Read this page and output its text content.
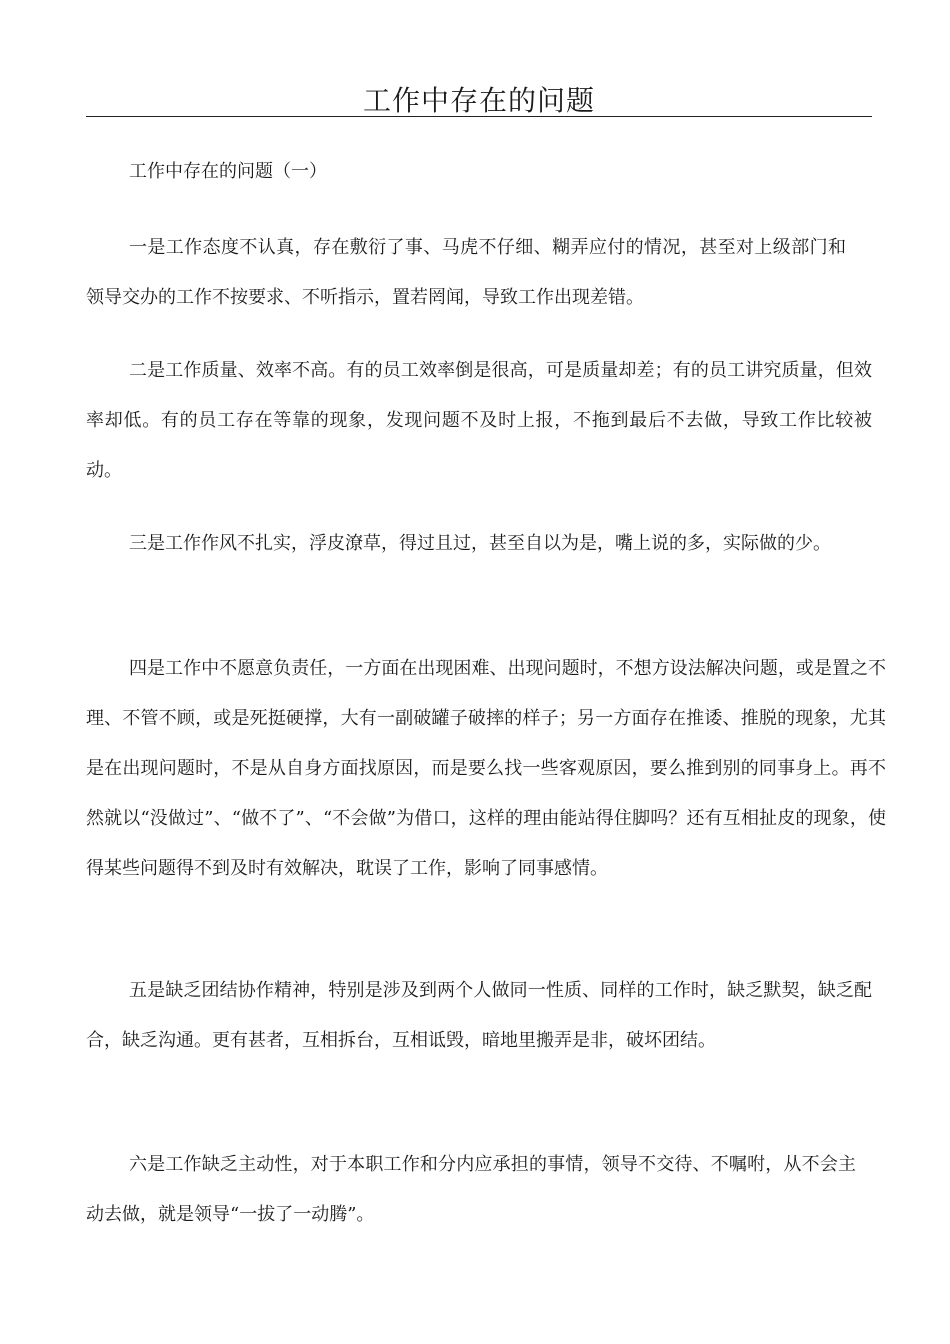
工作中存在的问题
工作中存在的问题（一）

一是工作态度不认真，存在敷衍了事、马虎不仔细、糊弄应付的情况，甚至对上级部门和领导交办的工作不按要求、不听指示，置若罔闻，导致工作出现差错。

二是工作质量、效率不高。有的员工效率倒是很高，可是质量却差；有的员工讲究质量，但效率却低。有的员工存在等靠的现象，发现问题不及时上报，不拖到最后不去做，导致工作比较被动。

三是工作作风不扎实，浮皮潦草，得过且过，甚至自以为是，嘴上说的多，实际做的少。

四是工作中不愿意负责任，一方面在出现困难、出现问题时，不想方设法解决问题，或是置之不理、不管不顾，或是死挺硬撑，大有一副破罐子破摔的样子；另一方面存在推诿、推脱的现象，尤其是在出现问题时，不是从自身方面找原因，而是要么找一些客观原因，要么推到别的同事身上。再不然就以“没做过”、“做不了”、“不会做”为借口，这样的理由能站得住脚吗？还有互相扯皮的现象，使得某些问题得不到及时有效解决，耽误了工作，影响了同事感情。

五是缺乏团结协作精神，特别是涉及到两个人做同一性质、同样的工作时，缺乏默契，缺乏配合，缺乏沟通。更有甚者，互相拆台，互相诋毁，暗地里搬弄是非，破坏团结。

六是工作缺乏主动性，对于本职工作和分内应承担的事情，领导不交待、不嘱咐，从不会主动去做，就是领导“一拔了一动腾”。
